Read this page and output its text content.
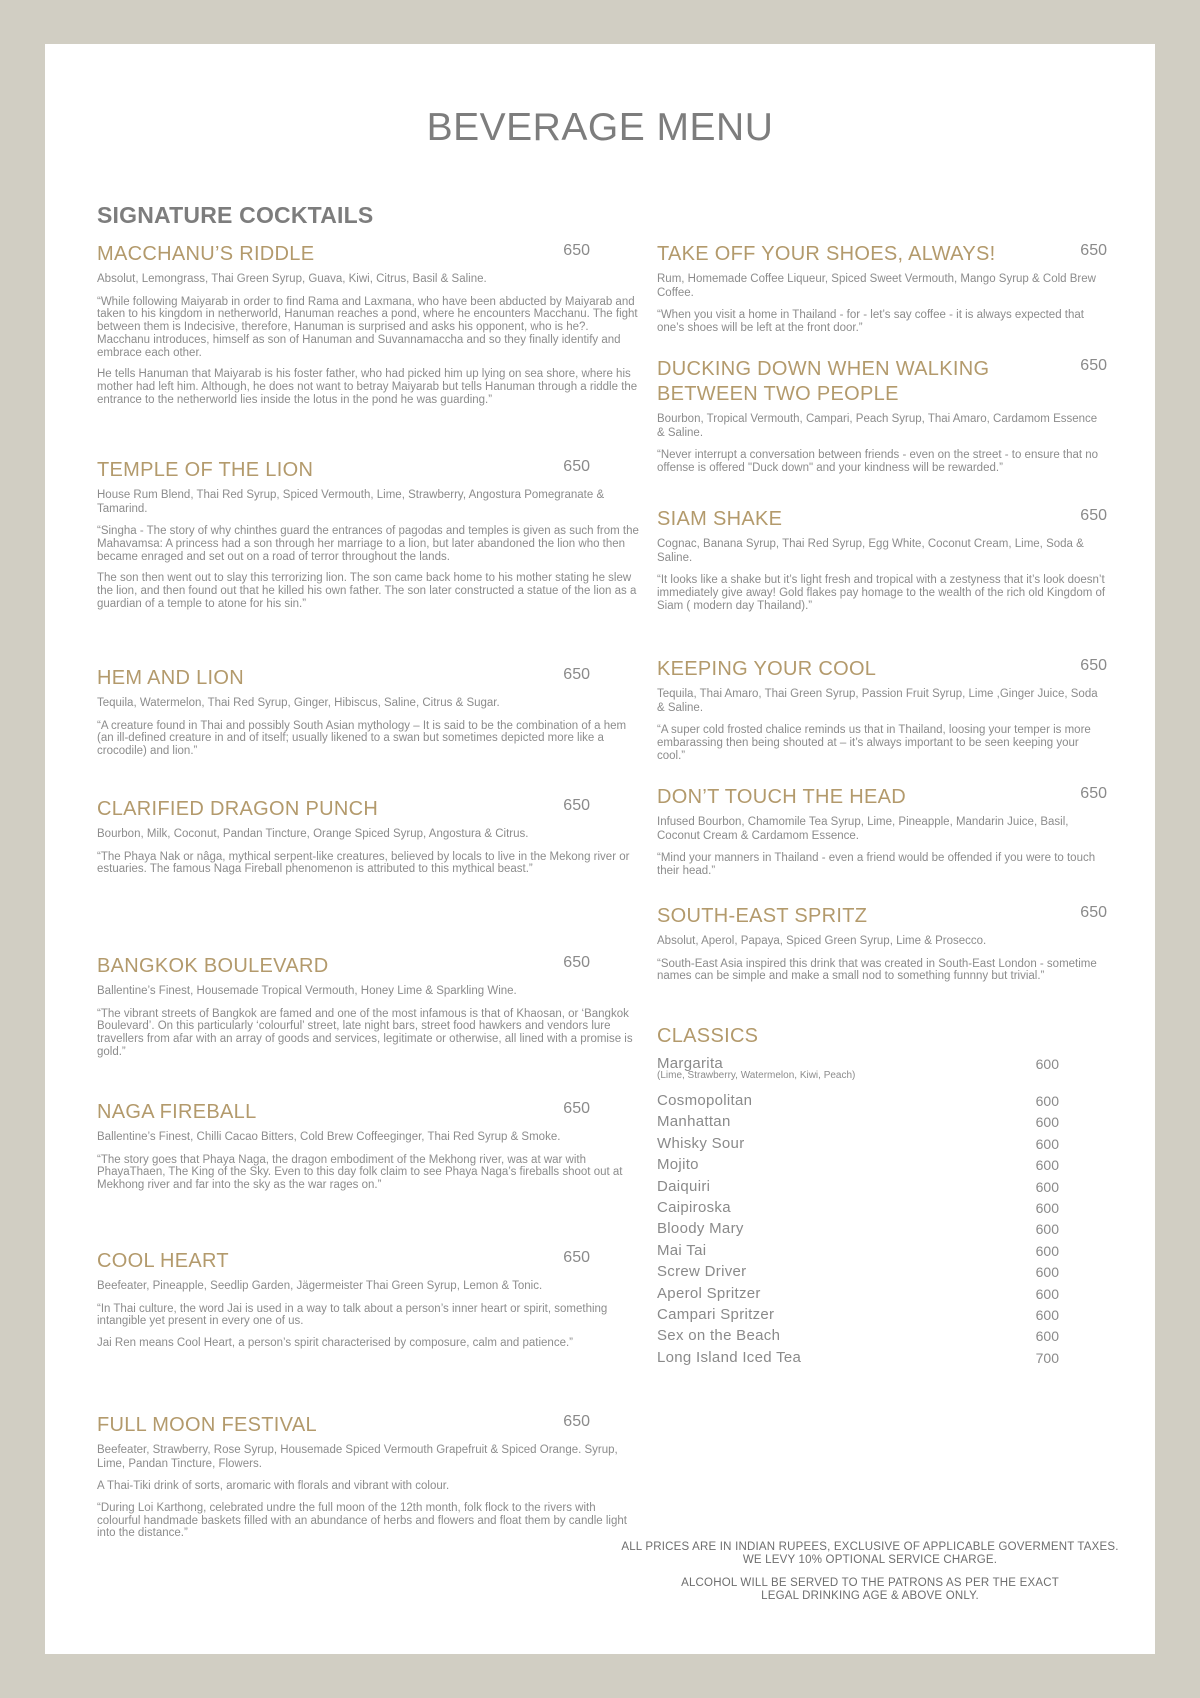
BEVERAGE MENU
SIGNATURE COCKTAILS
MACCHANU’S RIDDLE	650
Absolut, Lemongrass, Thai Green Syrup, Guava, Kiwi, Citrus, Basil & Saline.
“While following Maiyarab in order to find Rama and Laxmana, who have been abducted by Maiyarab and taken to his kingdom in netherworld, Hanuman reaches a pond, where he encounters Macchanu. The fight between them is Indecisive, therefore, Hanuman is surprised and asks his opponent, who is he?. Macchanu introduces, himself as son of Hanuman and Suvannamaccha and so they finally identify and embrace each other.
He tells Hanuman that Maiyarab is his foster father, who had picked him up lying on sea shore, where his mother had left him. Although, he does not want to betray Maiyarab but tells Hanuman through a riddle the entrance to the netherworld lies inside the lotus in the pond he was guarding.”
TEMPLE OF THE LION	650
House Rum Blend, Thai Red Syrup, Spiced Vermouth, Lime, Strawberry, Angostura Pomegranate & Tamarind.
“Singha - The story of why chinthes guard the entrances of pagodas and temples is given as such from the Mahavamsa: A princess had a son through her marriage to a lion, but later abandoned the lion who then became enraged and set out on a road of terror throughout the lands.
The son then went out to slay this terrorizing lion. The son came back home to his mother stating he slew the lion, and then found out that he killed his own father. The son later constructed a statue of the lion as a guardian of a temple to atone for his sin.”
HEM AND LION	650
Tequila, Watermelon, Thai Red Syrup, Ginger, Hibiscus, Saline, Citrus & Sugar.
“A creature found in Thai and possibly South Asian mythology – It is said to be the combination of a hem (an ill-defined creature in and of itself; usually likened to a swan but sometimes depicted more like a crocodile) and lion.”
CLARIFIED DRAGON PUNCH	650
Bourbon, Milk, Coconut, Pandan Tincture, Orange Spiced Syrup, Angostura & Citrus.
“The Phaya Nak or nâga, mythical serpent-like creatures, believed by locals to live in the Mekong river or estuaries. The famous Naga Fireball phenomenon is attributed to this mythical beast.”
BANGKOK BOULEVARD	650
Ballentine’s Finest, Housemade Tropical Vermouth, Honey Lime & Sparkling Wine.
“The vibrant streets of Bangkok are famed and one of the most infamous is that of Khaosan, or ‘Bangkok Boulevard’. On this particularly ‘colourful’ street, late night bars, street food hawkers and vendors lure travellers from afar with an array of goods and services, legitimate or otherwise, all lined with a promise is gold.”
NAGA FIREBALL	650
Ballentine’s Finest, Chilli Cacao Bitters, Cold Brew Coffeeginger, Thai Red Syrup & Smoke.
“The story goes that Phaya Naga, the dragon embodiment of the Mekhong river, was at war with PhayaThaen, The King of the Sky. Even to this day folk claim to see Phaya Naga’s fireballs shoot out at Mekhong river and far into the sky as the war rages on.”
COOL HEART	650
Beefeater, Pineapple, Seedlip Garden, Jägermeister Thai Green Syrup, Lemon & Tonic.
“In Thai culture, the word Jai is used in a way to talk about a person’s inner heart or spirit, something intangible yet present in every one of us.
Jai Ren means Cool Heart, a person’s spirit characterised by composure, calm and patience.”
FULL MOON FESTIVAL	650
Beefeater, Strawberry, Rose Syrup, Housemade Spiced Vermouth Grapefruit & Spiced Orange. Syrup, Lime, Pandan Tincture, Flowers.
A Thai-Tiki drink of sorts, aromaric with florals and vibrant with colour.
“During Loi Karthong, celebrated undre the full moon of the 12th month, folk flock to the rivers with colourful handmade baskets filled with an abundance of herbs and flowers and float them by candle light into the distance.”
TAKE OFF YOUR SHOES, ALWAYS!	650
Rum, Homemade Coffee Liqueur, Spiced Sweet Vermouth, Mango Syrup & Cold Brew Coffee.
“When you visit a home in Thailand - for - let’s say coffee - it is always expected that one’s shoes will be left at the front door.”
DUCKING DOWN WHEN WALKING BETWEEN TWO PEOPLE
650
Bourbon, Tropical Vermouth, Campari, Peach Syrup, Thai Amaro, Cardamom Essence & Saline.
“Never interrupt a conversation between friends - even on the street - to ensure that no offense is offered "Duck down" and your kindness will be rewarded.”
SIAM SHAKE	650
Cognac, Banana Syrup, Thai Red Syrup, Egg White, Coconut Cream, Lime, Soda & Saline.
“It looks like a shake but it’s light fresh and tropical with a zestyness that it’s look doesn’t immediately give away! Gold flakes pay homage to the wealth of the rich old Kingdom of Siam ( modern day Thailand).”
KEEPING YOUR COOL	650
Tequila, Thai Amaro, Thai Green Syrup, Passion Fruit Syrup, Lime ,Ginger Juice, Soda & Saline.
“A super cold frosted chalice reminds us that in Thailand, loosing your temper is more embarassing then being shouted at – it’s always important to be seen keeping your cool.”
DON’T TOUCH THE HEAD	650
Infused Bourbon, Chamomile Tea Syrup, Lime, Pineapple, Mandarin Juice, Basil, Coconut Cream & Cardamom Essence.
“Mind your manners in Thailand - even a friend would be offended if you were to touch their head.”
SOUTH-EAST SPRITZ	650
Absolut, Aperol, Papaya, Spiced Green Syrup, Lime & Prosecco.
“South-East Asia inspired this drink that was created in South-East London - sometime names can be simple and make a small nod to something funnny but trivial.”
CLASSICS
Margarita	600
(Lime, Strawberry, Watermelon, Kiwi, Peach)
Cosmopolitan	600
Manhattan	600
Whisky Sour	600
Mojito	600
Daiquiri	600
Caipiroska	600
Bloody Mary	600
Mai Tai	600
Screw Driver	600
Aperol Spritzer	600
Campari Spritzer	600
Sex on the Beach	600
Long Island Iced Tea	700

ALL PRICES ARE IN INDIAN RUPEES, EXCLUSIVE OF APPLICABLE GOVERMENT TAXES.
WE LEVY 10% OPTIONAL SERVICE CHARGE.

ALCOHOL WILL BE SERVED TO THE PATRONS AS PER THE EXACT
LEGAL DRINKING AGE & ABOVE ONLY.
